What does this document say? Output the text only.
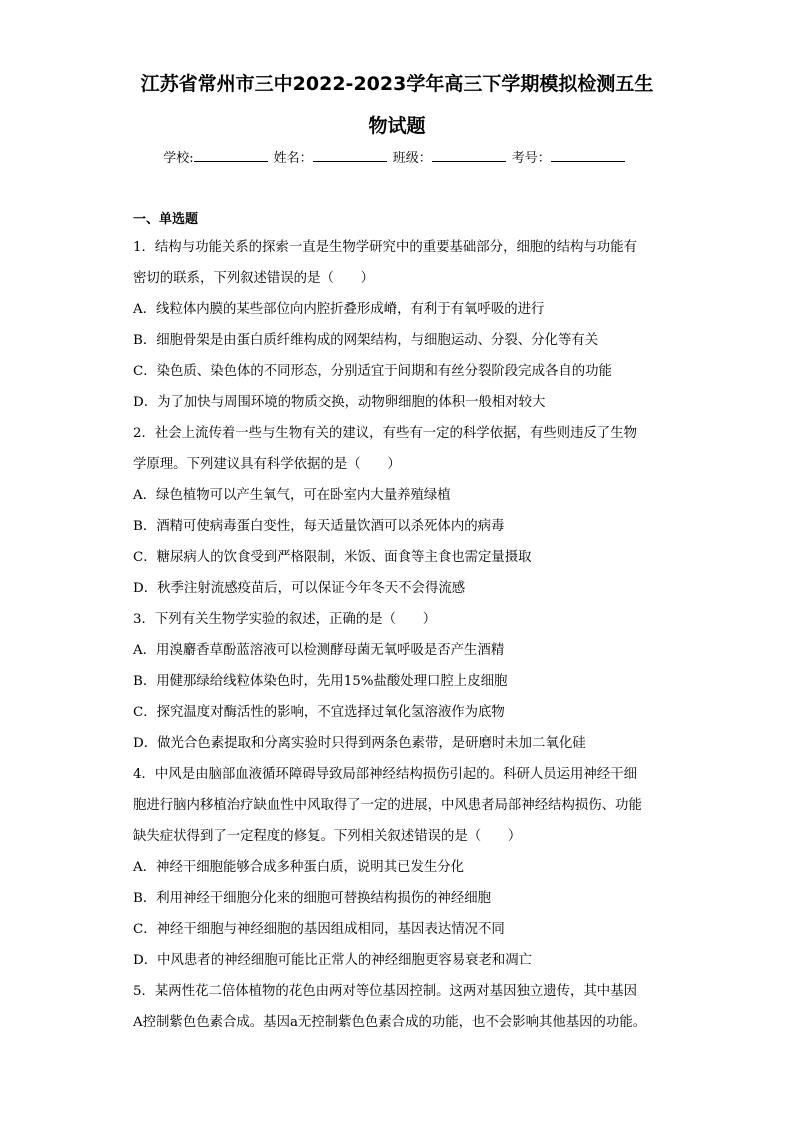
江苏省常州市三中2022-2023学年高三下学期模拟检测五生
物试题
学校:	姓名：	班级：	考号：
一、单选题
1．结构与功能关系的探索一直是生物学研究中的重要基础部分，细胞的结构与功能有
密切的联系，下列叙述错误的是（　　）
A．线粒体内膜的某些部位向内腔折叠形成嵴，有利于有氧呼吸的进行
B．细胞骨架是由蛋白质纤维构成的网架结构，与细胞运动、分裂、分化等有关
C．染色质、染色体的不同形态，分别适宜于间期和有丝分裂阶段完成各自的功能
D．为了加快与周围环境的物质交换，动物卵细胞的体积一般相对较大
2．社会上流传着一些与生物有关的建议，有些有一定的科学依据，有些则违反了生物
学原理。下列建议具有科学依据的是（　　）
A．绿色植物可以产生氧气，可在卧室内大量养殖绿植
B．酒精可使病毒蛋白变性，每天适量饮酒可以杀死体内的病毒
C．糖尿病人的饮食受到严格限制，米饭、面食等主食也需定量摄取
D．秋季注射流感疫苗后，可以保证今年冬天不会得流感
3．下列有关生物学实验的叙述，正确的是（　　）
A．用溴麝香草酚蓝溶液可以检测酵母菌无氧呼吸是否产生酒精
B．用健那绿给线粒体染色时，先用15%盐酸处理口腔上皮细胞
C．探究温度对酶活性的影响，不宜选择过氧化氢溶液作为底物
D．做光合色素提取和分离实验时只得到两条色素带，是研磨时未加二氧化硅
4．中风是由脑部血液循环障碍导致局部神经结构损伤引起的。科研人员运用神经干细
胞进行脑内移植治疗缺血性中风取得了一定的进展，中风患者局部神经结构损伤、功能
缺失症状得到了一定程度的修复。下列相关叙述错误的是（　　）
A．神经干细胞能够合成多种蛋白质，说明其已发生分化
B．利用神经干细胞分化来的细胞可替换结构损伤的神经细胞
C．神经干细胞与神经细胞的基因组成相同，基因表达情况不同
D．中风患者的神经细胞可能比正常人的神经细胞更容易衰老和凋亡
5．某两性花二倍体植物的花色由两对等位基因控制。这两对基因独立遗传，其中基因
A控制紫色色素合成。基因a无控制紫色色素合成的功能，也不会影响其他基因的功能。
